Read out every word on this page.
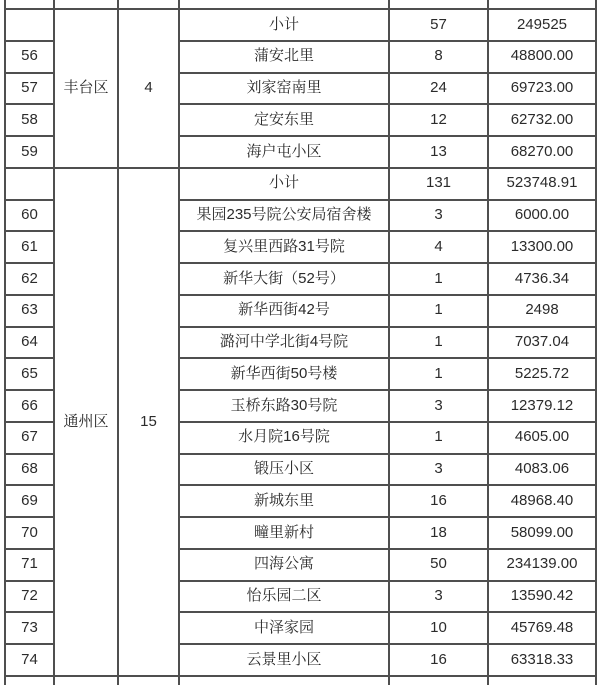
	丰台区	4	小计	57	249525
56			蒲安北里	8	48800.00
57			刘家窑南里	24	69723.00
58			定安东里	12	62732.00
59			海户屯小区	13	68270.00
	通州区	15	小计	131	523748.91
60			果园235号院公安局宿舍楼	3	6000.00
61			复兴里西路31号院	4	13300.00
62			新华大街（52号）	1	4736.34
63			新华西街42号	1	2498
64			潞河中学北街4号院	1	7037.04
65			新华西街50号楼	1	5225.72
66			玉桥东路30号院	3	12379.12
67			水月院16号院	1	4605.00
68			锻压小区	3	4083.06
69			新城东里	16	48968.40
70			疃里新村	18	58099.00
71			四海公寓	50	234139.00
72			怡乐园二区	3	13590.42
73			中泽家园	10	45769.48
74			云景里小区	16	63318.33
